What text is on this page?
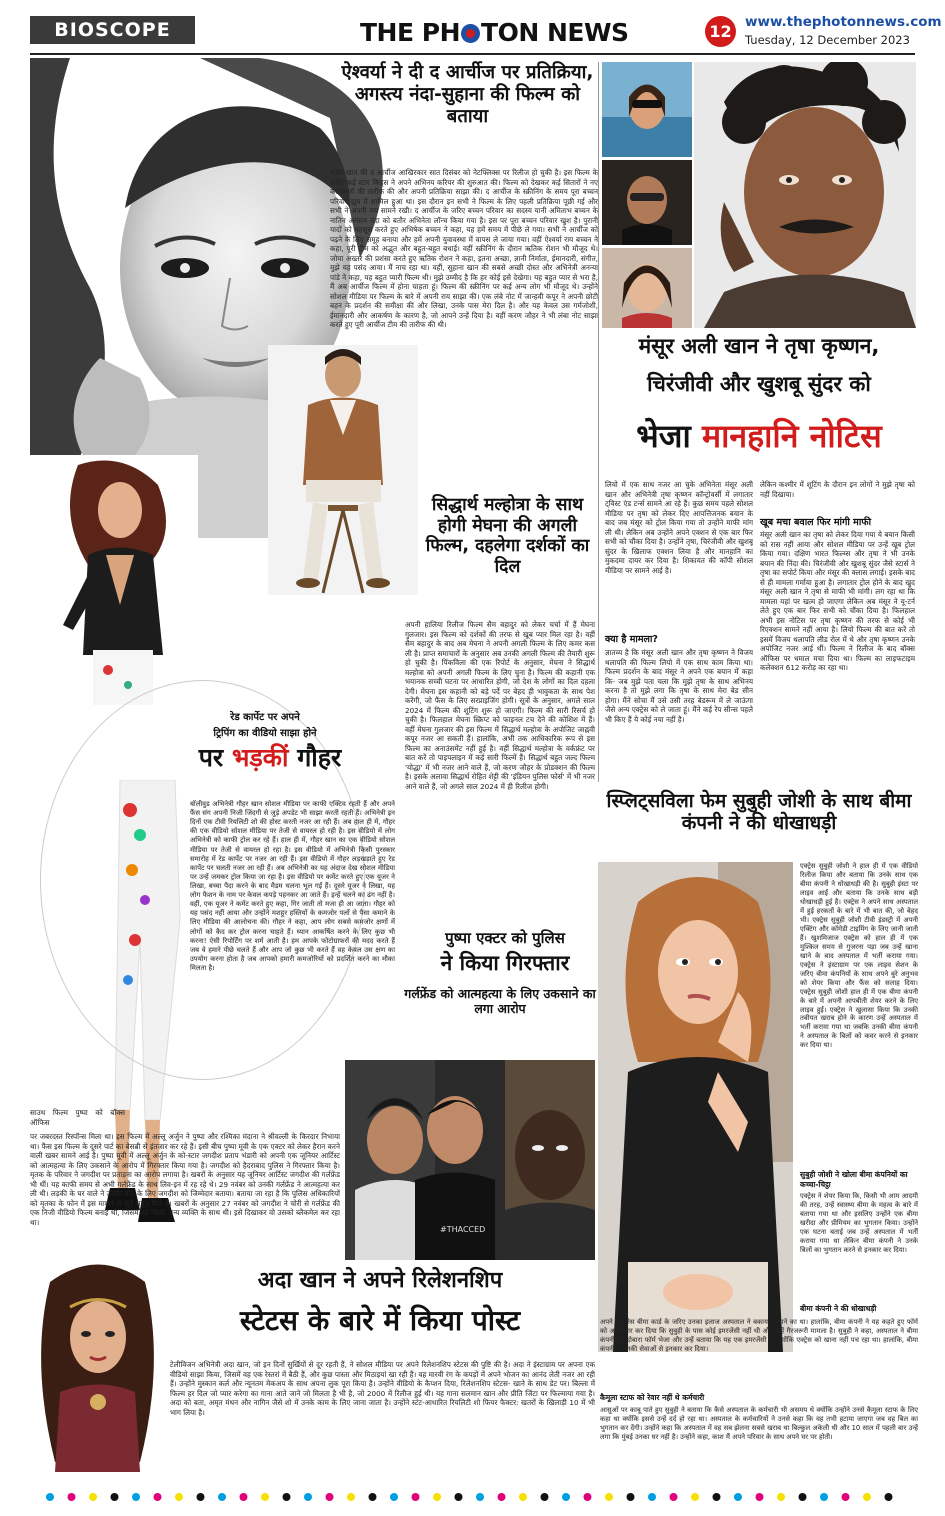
BIOSCOPE	THE PH TON NEWS	12 www.thephotonnews.com
Tuesday, 12 December 2023
ऐश्वर्या ने दी द आर्चीज पर प्रतिक्रिया, अगस्त्य नंदा-सुहाना की फिल्म को बताया
जोया खान की द आर्चीज आखिरकार सात दिसंबर को नेटफ्लिक्स पर रिलीज हो चुकी है। इस फिल्म के जरिए कई स्टार किड्स ने अपने अभिनय करियर की शुरुआत की। फिल्म को देखकर कई सितारों ने नए कलाकारों की तारीफ की और अपनी प्रतिक्रिया साझा की। द आर्चीज के स्क्रीनिंग के समय पूरा बच्चन परिवार झूम में शामिल हुआ था। इस दौरान इन सभी ने फिल्म के लिए पहली प्रतिक्रिया पूछी गई और सभी ने अपनी राय सामने रखी। द आर्चीज के जरिए बच्चन परिवार का सदस्य यानी अमिताभ बच्चन के नातिन अगस्त्य नंदा को बतौर अभिनेता लॉन्च किया गया है। इस पर पूरा बच्चन परिवार खुश है। पुरानी यादों को महसूस करते हुए अभिषेक बच्चन ने कहा, यह हमें समय में पीछे ले गया। सभी ने आर्चीज को पढ़ने के लिए समूह बनाया और हमें अपनी युवावस्था में वापस ले जाया गया। वहीं ऐश्वर्या राय बच्चन ने कहा, पूरी टीम को अद्भुत और बहुत-बहुत बधाई। वहीं स्क्रीनिंग के दौरान ऋतिक रोशन भी मौजूद थे। जोया अख्तर की प्रशंसा करते हुए ऋतिक रोशन ने कहा, इतना अच्छा, ज्ञानी निर्माता, ईमानदारी, संगीत, मुझे यह पसंद आया। मैं नाच रहा था। वहीं, सुहाना खान की सबसे अच्छी दोस्त और अभिनेत्री अनन्या पांडे ने कहा, यह बहुत प्यारी फिल्म थी। मुझे उम्मीद है कि हर कोई इसे देखेगा। यह बहुत प्यार से भरा है, मैं अब आर्चीज फिल्म में होना चाहता हूं। फिल्म की स्क्रीनिंग पर कई अन्य लोग भी मौजूद थे। उन्होंने सोशल मीडिया पर फिल्म के बारे में अपनी राय साझा की। एक लंबे नोट में जान्हवी कपूर ने अपनी छोटी बहन के प्रदर्शन की समीक्षा की और लिखा, उनके पास मेरा दिल है। और यह केवल उस गर्मजोशी, ईमानदारी और आकर्षण के कारण है, जो आपने उन्हें दिया है। वहीं करण जौहर ने भी लंबा नोट साझा करते हुए पूरी आर्चीज टीम की तारीफ की थी।
सिद्धार्थ मल्होत्रा के साथ होगी मेघना की अगली फिल्म, दहलेगा दर्शकों का दिल
अपनी हालिया रिलीज फिल्म सैम बहादुर को लेकर चर्चा में हैं मेघना गुलजार। इस फिल्म को दर्शकों की तरफ से खूब प्यार मिल रहा है। वहीं सैम बहादुर के बाद अब मेघना ने अपनी अगली फिल्म के लिए कमर कस ली है। प्राप्त समाचारों के अनुसार अब उनकी अगली फिल्म की तैयारी शुरू हो चुकी है। पिंकविला की एक रिपोर्ट के अनुसार, मेघना ने सिद्धार्थ मल्होत्रा को अपनी अगली फिल्म के लिए चुना है। फिल्म की कहानी एक भयानक सच्ची घटना पर आधारित होगी, जो देश के लोगों का दिल दहला देगी। मेघना इस कहानी को बड़े पर्दे पर बेहद ही भावुकता के साथ पेश करेंगी, जो फैंस के लिए सरप्राइजिंग होगी। सूत्रों के अनुसार, अगले साल 2024 में फिल्म की शूटिंग शुरू हो जाएगी। फिल्म की सारी रिसर्च हो चुकी है। फिलहाल मेघना स्क्रिप्ट को फाइनल टच देने की कोशिश में हैं। वहीं मेघना गुलजार की इस फिल्म में सिद्धार्थ मल्होत्रा के अपोजिट जाह्नवी कपूर नजर आ सकती हैं। हालांकि, अभी तक आधिकारिक रूप से इस फिल्म का अनाउंसमेंट नहीं हुई है। वहीं सिद्धार्थ मल्होत्रा के वर्कफ्रंट पर बात करें तो पाइपलाइन में कई सारी फिल्में हैं। सिद्धार्थ बहुत जल्द फिल्म 'योद्धा' में भी नजर आने वाले हैं, जो करण जौहर के प्रोडक्शन की फिल्म है। इसके अलावा सिद्धार्थ रोहित शेट्टी की 'इंडियन पुलिस फोर्स' में भी नजर आने वाले हैं, जो अगले साल 2024 में ही रिलीज होगी।
रेड कार्पेट पर अपने
ट्रिपिंग का वीडियो साझा होने
पर भड़कीं गौहर
बॉलीवुड अभिनेत्री गौहर खान सोशल मीडिया पर काफी एक्टिव रहती हैं और अपने फैंस संग अपनी निजी जिंदगी से जुड़े अपडेट भी साझा करती रहती हैं। अभिनेत्री इन दिनों एक टीवी रियलिटी शो की होस्ट करती नजर आ रही हैं। अब हाल ही में, गौहर की एक वीडियो सोशल मीडिया पर तेजी से वायरल हो रही है। इस वीडियो में लोग अभिनेत्री को काफी ट्रोल कर रहे हैं। हाल ही में, गौहर खान का एक वीडियो सोशल मीडिया पर तेजी से वायरल हो रहा है। इस वीडियो में अभिनेत्री किसी पुरस्कार समारोह में रेड कार्पेट पर नजर आ रही हैं। इस वीडियो में गौहर लड़खड़ाते हुए रेड कार्पेट पर चलती नजर आ रही हैं। अब अभिनेत्री का यह अंदाज देख सोशल मीडिया पर उन्हें जमकर ट्रोल किया जा रहा है। इस वीडियो पर कमेंट करते हुए एक यूजर ने लिखा, बच्चा पैदा करने के बाद मैडम चलना भूल गईं हैं। दूसरे यूजर ने लिखा, यह लोग फैशन के नाम पर केवल कपड़े पहनकर आ जाते हैं। इन्हें चलने का ढंग नहीं है। वहीं, एक यूजर ने कमेंट करते हुए कहा, गिर जाती तो मजा ही आ जाता। गौहर को यह पसंद नहीं आया और उन्होंने मशहूर हस्तियों के कमजोर पलों से पैसा कमाने के लिए मीडिया की आलोचना की। गौहर ने कहा, आप लोग सबसे कमजोर क्षणों में लोगों को कैद कर ट्रोल करना चाहते हैं। ध्यान आकर्षित करने के लिए कुछ भी करना! ऐसी रिपोर्टिंग पर शर्म आती है। हम आपके फोटोग्राफरों की मदद करते हैं जब वे हमारे पीछे चलते हैं और आप जो कुछ भी करते हैं वह केवल उस क्षण का उपयोग करना होता है जब आपको हमारी कमजोरियों को प्रदर्शित करने का मौका मिलता है।
पुष्पा एक्टर को पुलिस
ने किया गिरफ्तार
गर्लफ्रेंड को आत्महत्या के लिए उकसाने का लगा आरोप
साउथ फिल्म पुष्पा को बॉक्स ऑफिस
पर जबरदस्त रिस्पॉन्स मिला था। इस फिल्म में अल्लू अर्जुन ने पुष्पा और रश्मिका मंदाना ने श्रीवल्ली के किरदार निभाया था। फैंस इस फिल्म के दूसरे पार्ट का बेसब्री से इंतजार कर रहे हैं। इसी बीच पुष्पा मूवी के एक एक्टर को लेकर हैरान करने वाली खबर सामने आई है। पुष्पा मूवी में अल्लू अर्जुन के को-स्टार जगदीश प्रताप भंडारी को अपनी एक जूनियर आर्टिस्ट को आत्महत्या के लिए उकसाने के आरोप में गिरफ्तार किया गया है। जगदीश को हैदराबाद पुलिस ने गिरफ्तार किया है। मृतक के परिवार ने जगदीश पर प्रताड़ना का आरोप लगाया है। खबरों के अनुसार यह जूनियर आर्टिस्ट जगदीश की गर्लफ्रेंड भी थीं। यह काफी समय से अभी गर्लफ्रेंड के साथ लिव-इन में रह रहे थे। 29 नवंबर को उनकी गर्लफ्रेंड ने आत्महत्या कर ली थी। लड़की के घर वाले ने उनकी मौत के लिए जगदीश को जिम्मेदार बताया। बताया जा रहा है कि पुलिस अधिकारियों को मृतका के फोन में इस मामले से जुड़े सबूत मिले हैं। खबरों के अनुसार 27 नवंबर को जगदीश ने चोरी से गर्लफ्रेंड की एक निजी वीडियो फिल्म बनाई थी, जिसमें वह किसी अन्य व्यक्ति के साथ थी। इसे दिखाकर वो उसको ब्लैकमेल कर रहा था।
#THACCED
मंसूर अली खान ने तृषा कृष्णन,
चिरंजीवी और खुशबू सुंदर को
भेजा मानहानि नोटिस
लियो में एक साथ नजर आ चुके अभिनेता मंसूर अली खान और अभिनेत्री तृषा कृष्णन कॉन्ट्रोवर्सी में लगातार ट्विस्ट एंड टर्न्स सामने आ रहे हैं। कुछ समय पहले सोशल मीडिया पर तृषा को लेकर दिए आपत्तिजनक बयान के बाद जब मंसूर को ट्रोल किया गया तो उन्होंने माफी मांग ली थी। लेकिन अब उन्होंने अपने एक्शन से एक बार फिर सभी को चौंका दिया है। उन्होंने तृषा, चिरंजीवी और खुशबू सुंदर के खिलाफ एक्शन लिया है और मानहानि का मुकदमा दायर कर दिया है। शिकायत की कॉपी सोशल मीडिया पर सामने आई है।
क्या है मामला?
ज्ञातव्य है कि मंसूर अली खान और तृषा कृष्णन ने विजय थलापति की फिल्म लियो में एक साथ काम किया था। फिल्म प्रदर्शन के बाद मंसूर ने अपने एक बयान में कहा कि- जब मुझे पता चला कि मुझे तृषा के साथ अभिनय करना है तो मुझे लगा कि तृषा के साथ मेरा बेड सीन होगा। मैंने सोचा मैं उसे उसी तरह बेडरूम में ले जाऊंगा जैसे अन्य एक्ट्रेस को ले जाता हूं। मैंने कई रेप सीन्स पहले भी किए हैं ये कोई नया नहीं है।
लेकिन कश्मीर में शूटिंग के दौरान इन लोगों ने मुझे तृषा को नहीं दिखाया।
खूब मचा बवाल फिर मांगी माफी
मंसूर अली खान का तृषा को लेकर दिया गया ये बयान किसी को रास नहीं आया और सोशल मीडिया पर उन्हें खूब ट्रोल किया गया। दक्षिण भारत फिल्म्स और तृषा ने भी उनके बयान की निंदा की। चिरंजीवी और खुशबू सुंदर जैसे स्टार्स ने तृषा का सपोर्ट किया और मंसूर की क्लास लगाई। इसके बाद से ही मामला गर्माया हुआ है। लगातार ट्रोल होने के बाद खुद मंसूर अली खान ने तृषा से माफी भी मांगी। लग रहा था कि मामला यहां पर खत्म हो जाएगा लेकिन अब मंसूर ने यू-टर्न लेते हुए एक बार फिर सभी को चौंका दिया है। फिलहाल अभी इस नोटिस पर तृषा कृष्णन की तरफ से कोई भी रिएक्शन सामने नहीं आया है। लियो फिल्म की बात करें तो इसमें विजय थलापति लीड रोल में थे और तृषा कृष्णन उनके अपोजिट नजर आई थीं। फिल्म ने रिलीज के बाद बॉक्स ऑफिस पर धमाल मचा दिया था। फिल्म का लाइफटाइम कलेक्शन 612 करोड़ का रहा था।
स्प्लिट्सविला फेम सुबुही जोशी के साथ बीमा कंपनी ने की धोखाधड़ी
एक्ट्रेस सुबुही जोशी ने हाल ही में एक वीडियो रिलीज किया और बताया कि उनके साथ एक बीमा कंपनी ने धोखाधड़ी की है। सुबुही इंस्टा पर लाइव आईं और बताया कि उनके साथ बड़ी धोखाधड़ी हुई है। एक्ट्रेस ने अपने साथ अस्पताल में हुई हरकतों के बारे में भी बात की, जो बेहद भी। एक्ट्रेस सुबुही जोशी टीवी इंडस्ट्री में अपनी एक्टिंग और कॉमेडी टाइमिंग के लिए जानी जाती हैं। खुशमिजाज एक्ट्रेस को हाल ही में एक मुश्किल समय से गुजरना पड़ा जब उन्हें खाना खाने के बाद अस्पताल में भर्ती कराया गया। एक्ट्रेस ने इंस्टाग्राम पर एक लाइव सेशन के जरिए बीमा कंपनियों के साथ अपने बुरे अनुभव को शेयर किया और फैंस को सलाह दिया। एक्ट्रेस सुबुही जोशी हाल ही में एक बीमा कंपनी के बारे में अपनी आपबीती शेयर करने के लिए लाइव हुईं। एक्ट्रेस ने खुलासा किया कि उनकी तबीयत खराब होने के कारण उन्हें अस्पताल में भर्ती कराया गया था जबकि उनकी बीमा कंपनी ने अस्पताल के बिलों को कवर करने से इनकार कर दिया था।
सुबुही जोशी ने खोला बीमा कंपनियों का कच्चा-चिट्ठा
एक्ट्रेस ने शेयर किया कि, किसी भी आम आदमी की तरह, उन्हें स्वास्थ्य बीमा के महत्व के बारे में बताया गया था और इसलिए उन्होंने एक बीमा खरीदा और प्रीमियम का भुगतान किया। उन्होंने एक घटना बताई जब उन्हें अस्पताल में भर्ती कराया गया था लेकिन बीमा कंपनी ने उनके बिलों का भुगतान करने से इनकार कर दिया।
बीमा कंपनी ने की धोखाधड़ी
अपने कैशलेस बीमा कार्ड के जरिए उनका इलाज अस्पताल ने बकाया चुकाने का था। हालांकि, बीमा कंपनी ने यह कहते हुए फॉर्म को अस्वीकार कर दिया कि सुबुही के पास कोई इमरजेंसी नहीं थी और उन्हें गैरजरूरी मामला है। सुबुही ने कहा, अस्पताल ने बीमा कंपनी को दोबारा फॉर्म भेजा और उन्हें बताया कि यह एक इमरजेंसी थी क्योंकि एक्ट्रेस को खाना नहीं पच रहा था। हालांकि, बीमा कंपनी ने उनकी सेवाओं से इनकार कर दिया।
कैमूला स्टाफ को रेवार नहीं थे कर्मचारी
आसुओं पर काबू पाते हुए सुबुही ने बताया कि कैसे अस्पताल के कर्मचारी भी असमय थे क्योंकि उन्होंने उनसे कैमूला स्टाफ के लिए कहा था क्योंकि इससे उन्हें दर्द हो रहा था। अस्पताल के कर्मचारियों ने उनसे कहा कि वह तभी हटाया जाएगा जब वह बिल का भुगतान कर देंगी। उन्होंने कहा कि अस्पताल में वह सब झेलना सबसे खराब था बिल्कुल अकेली थी और 10 साल में पहली बार उन्हें लगा कि मुंबई उनका घर नहीं है। उन्होंने कहा, काश मैं अपने परिवार के साथ अपने घर पर होती।
अदा खान ने अपने रिलेशनशिप
स्टेटस के बारे में किया पोस्ट
टेलीविजन अभिनेत्री अदा खान, जो इन दिनों सुर्खियों से दूर रहती हैं, ने सोशल मीडिया पर अपने रिलेशनशिप स्टेटस की पुष्टि की है। अदा ने इंस्टाग्राम पर अपना एक वीडियो साझा किया, जिसमें वह एक रेस्तरां में बैठी हैं, और कुछ पास्ता और मिठाइयां खा रही हैं। वह मारवी रंग के कपड़ों में अपने भोजन का आनंद लेती नजर आ रही हैं। उन्होंने मुस्कान कर्ल और न्यूनतम मेकअप के साथ अपना लुक पूरा किया है। उन्होंने वीडियो के कैप्शन दिया, रिलेशनशिप स्टेटस- खाने के साथ डेट पर। बिल्ला में फिल्म हर दिल जो प्यार करेगा का गाना आते जाने जो मिलता है भी है, जो 2000 में रिलीज हुई थी। यह गाना सलमान खान और प्रीति जिंटा पर फिल्माया गया है। अदा को बता, अमृत मंथन और नागिन जैसे शो में उनके काम के लिए जाना जाता है। उन्होंने स्टंट-आधारित रियलिटी शो फियर फैक्टर: खतरों के खिलाड़ी 10 में भी भाग लिया है।
